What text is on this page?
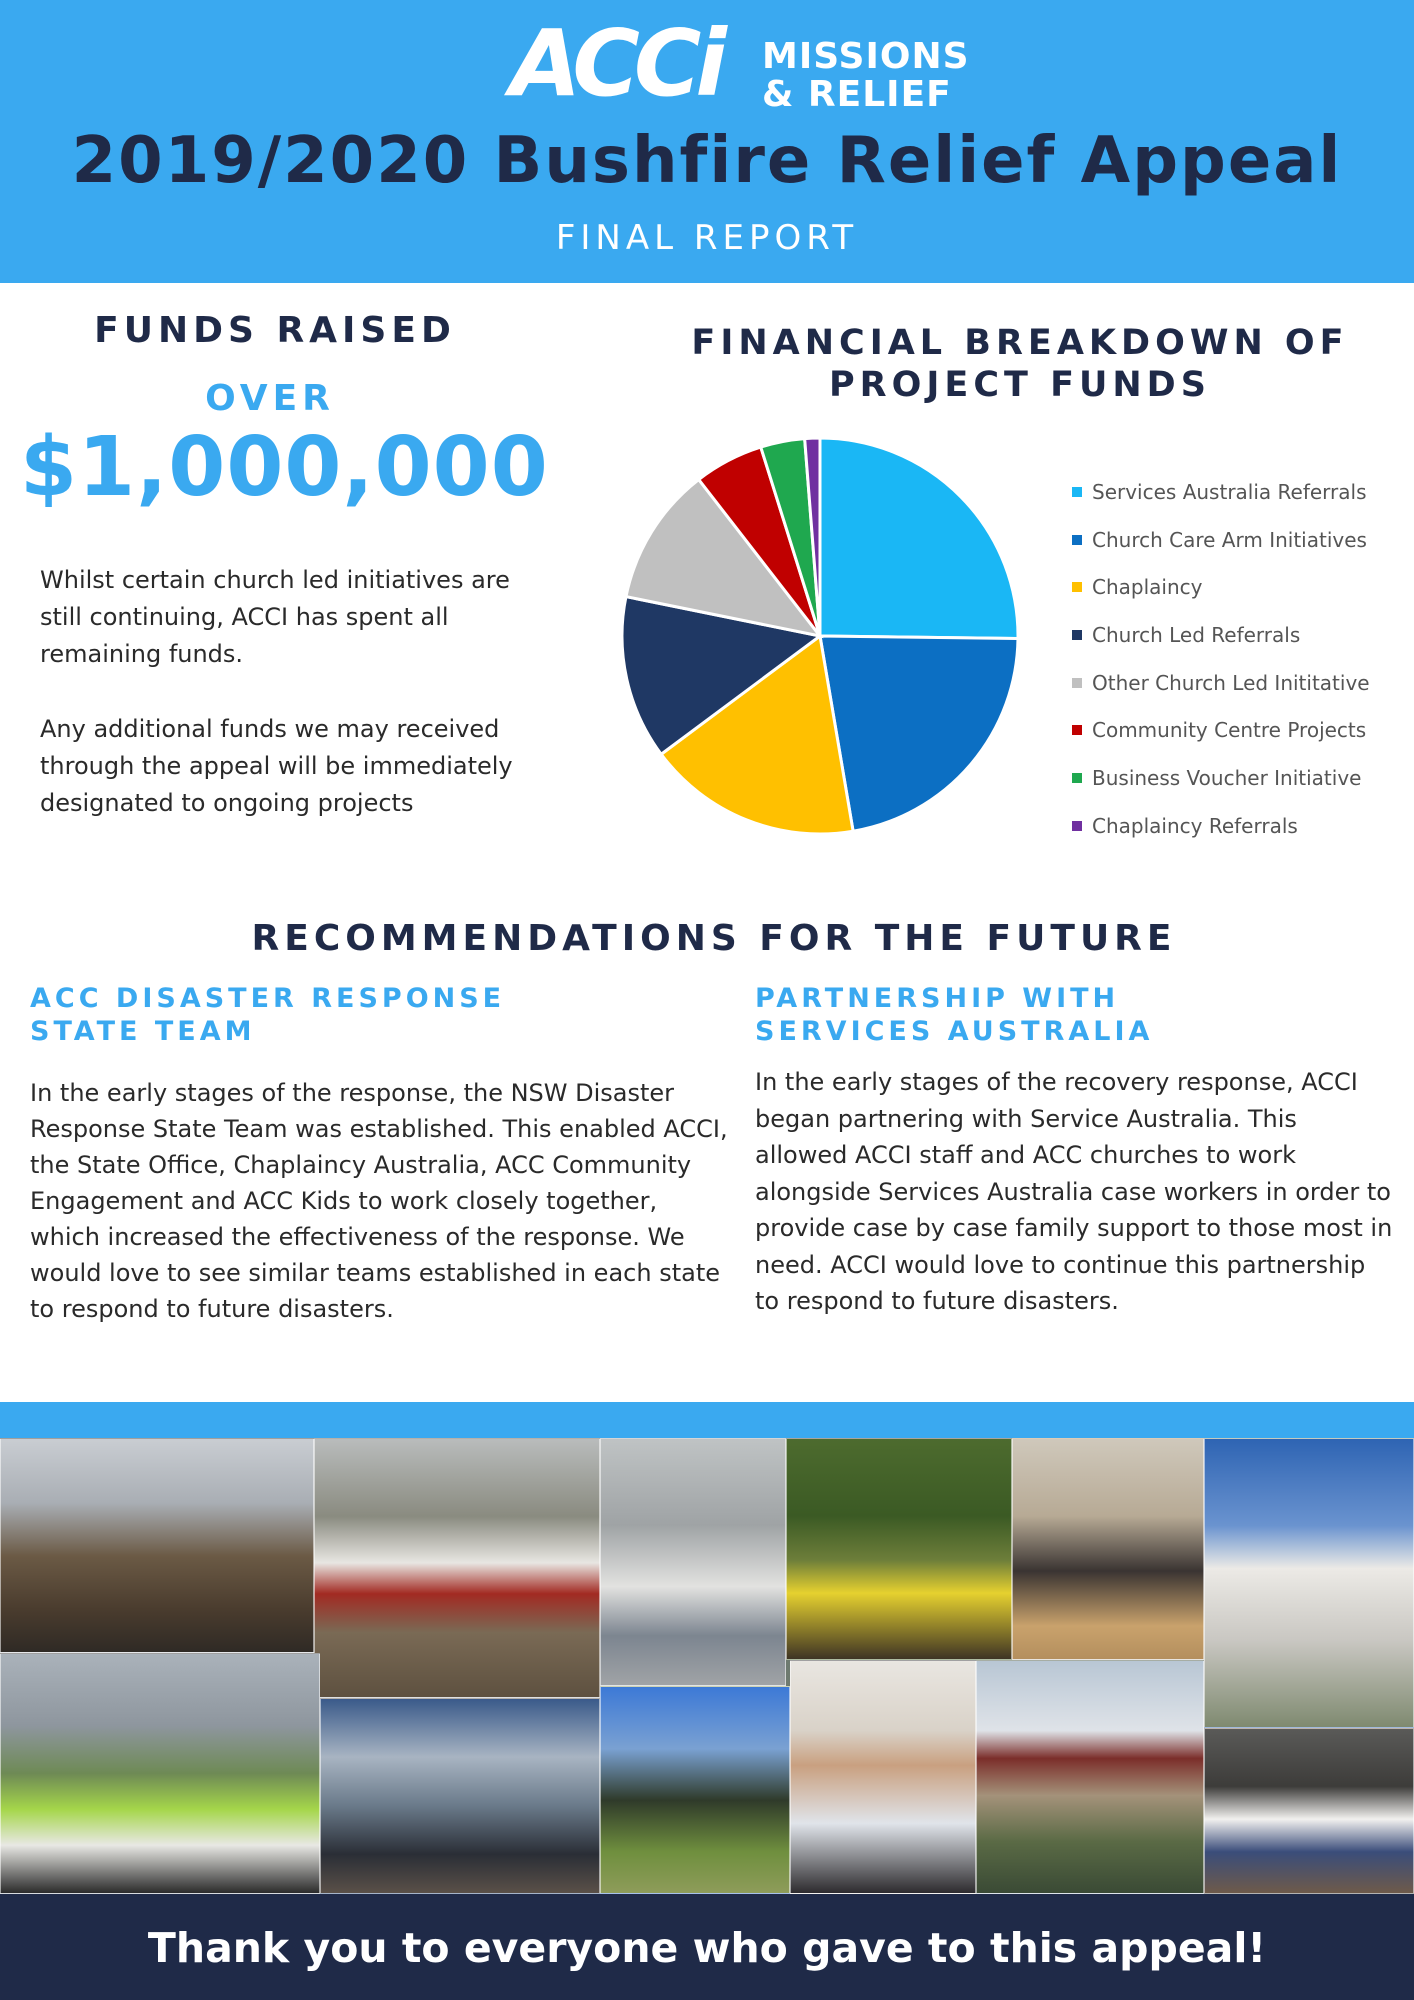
ACCi MISSIONS
& RELIEF
2019/2020 Bushfire Relief Appeal
FINAL REPORT
FUNDS RAISED
OVER
$1,000,000

Whilst certain church led initiatives are still continuing, ACCI has spent all remaining funds.

Any additional funds we may received through the appeal will be immediately designated to ongoing projects

FINANCIAL BREAKDOWN OF
PROJECT FUNDS
Services Australia Referrals
Church Care Arm Initiatives
Chaplaincy
Church Led Referrals
Other Church Led Inititative
Community Centre Projects
Business Voucher Initiative
Chaplaincy Referrals
RECOMMENDATIONS FOR THE FUTURE
ACC DISASTER RESPONSE
STATE TEAM

In the early stages of the response, the NSW Disaster Response State Team was established. This enabled ACCI, the State Office, Chaplaincy Australia, ACC Community Engagement and ACC Kids to work closely together, which increased the effectiveness of the response. We would love to see similar teams established in each state to respond to future disasters.

PARTNERSHIP WITH
SERVICES AUSTRALIA

In the early stages of the recovery response, ACCI began partnering with Service Australia. This allowed ACCI staff and ACC churches to work alongside Services Australia case workers in order to provide case by case family support to those most in need. ACCI would love to continue this partnership to respond to future disasters.

Thank you to everyone who gave to this appeal!
